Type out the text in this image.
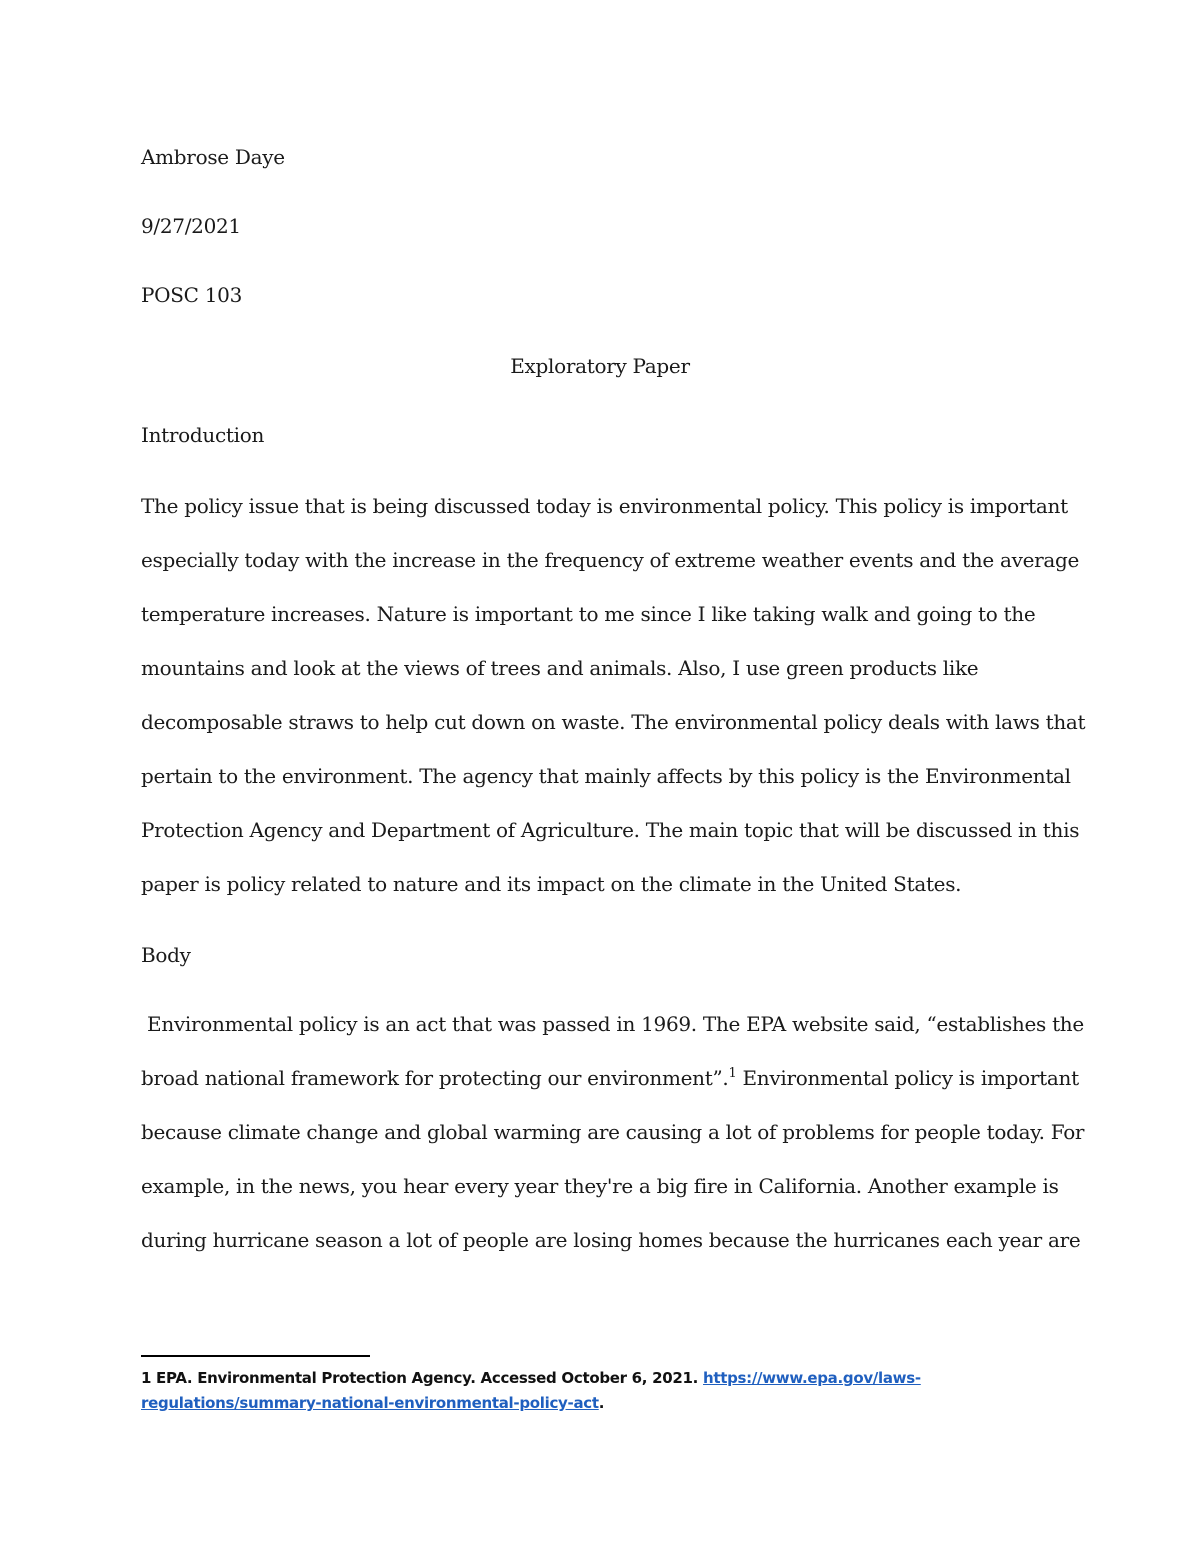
Ambrose Daye
9/27/2021
POSC 103
Exploratory Paper
Introduction
The policy issue that is being discussed today is environmental policy. This policy is important
especially today with the increase in the frequency of extreme weather events and the average
temperature increases. Nature is important to me since I like taking walk and going to the
mountains and look at the views of trees and animals. Also, I use green products like
decomposable straws to help cut down on waste. The environmental policy deals with laws that
pertain to the environment. The agency that mainly affects by this policy is the Environmental
Protection Agency and Department of Agriculture. The main topic that will be discussed in this
paper is policy related to nature and its impact on the climate in the United States.
Body
Environmental policy is an act that was passed in 1969. The EPA website said, “establishes the
broad national framework for protecting our environment”.$^1$ Environmental policy is important
because climate change and global warming are causing a lot of problems for people today. For
example, in the news, you hear every year they're a big fire in California. Another example is
during hurricane season a lot of people are losing homes because the hurricanes each year are
1 EPA. Environmental Protection Agency. Accessed October 6, 2021. https://www.epa.gov/laws-
regulations/summary-national-environmental-policy-act.
